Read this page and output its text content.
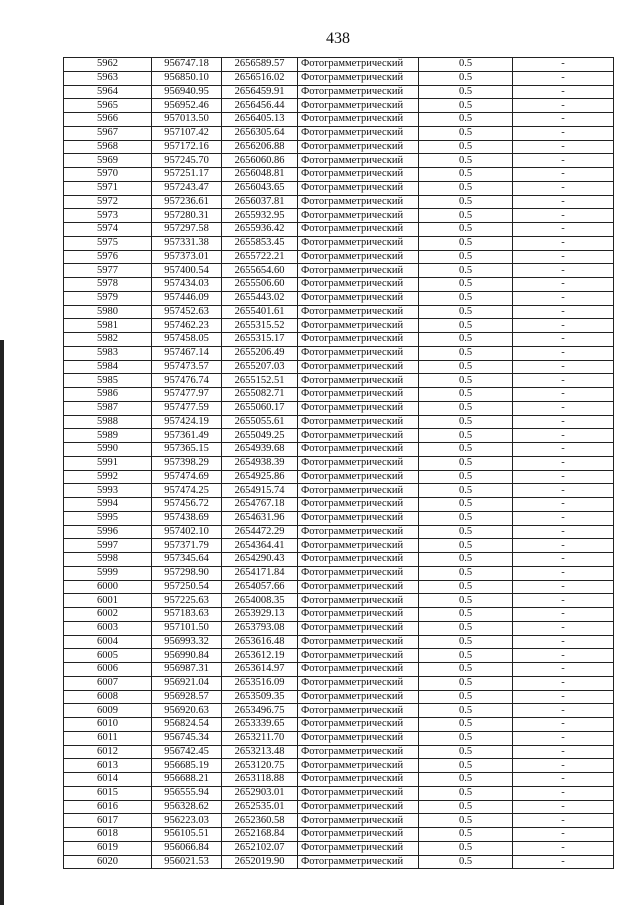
438
5962	956747.18	2656589.57	Фотограмметрический	0.5	-
5963	956850.10	2656516.02	Фотограмметрический	0.5	-
5964	956940.95	2656459.91	Фотограмметрический	0.5	-
5965	956952.46	2656456.44	Фотограмметрический	0.5	-
5966	957013.50	2656405.13	Фотограмметрический	0.5	-
5967	957107.42	2656305.64	Фотограмметрический	0.5	-
5968	957172.16	2656206.88	Фотограмметрический	0.5	-
5969	957245.70	2656060.86	Фотограмметрический	0.5	-
5970	957251.17	2656048.81	Фотограмметрический	0.5	-
5971	957243.47	2656043.65	Фотограмметрический	0.5	-
5972	957236.61	2656037.81	Фотограмметрический	0.5	-
5973	957280.31	2655932.95	Фотограмметрический	0.5	-
5974	957297.58	2655936.42	Фотограмметрический	0.5	-
5975	957331.38	2655853.45	Фотограмметрический	0.5	-
5976	957373.01	2655722.21	Фотограмметрический	0.5	-
5977	957400.54	2655654.60	Фотограмметрический	0.5	-
5978	957434.03	2655506.60	Фотограмметрический	0.5	-
5979	957446.09	2655443.02	Фотограмметрический	0.5	-
5980	957452.63	2655401.61	Фотограмметрический	0.5	-
5981	957462.23	2655315.52	Фотограмметрический	0.5	-
5982	957458.05	2655315.17	Фотограмметрический	0.5	-
5983	957467.14	2655206.49	Фотограмметрический	0.5	-
5984	957473.57	2655207.03	Фотограмметрический	0.5	-
5985	957476.74	2655152.51	Фотограмметрический	0.5	-
5986	957477.97	2655082.71	Фотограмметрический	0.5	-
5987	957477.59	2655060.17	Фотограмметрический	0.5	-
5988	957424.19	2655055.61	Фотограмметрический	0.5	-
5989	957361.49	2655049.25	Фотограмметрический	0.5	-
5990	957365.15	2654939.68	Фотограмметрический	0.5	-
5991	957398.29	2654938.39	Фотограмметрический	0.5	-
5992	957474.69	2654925.86	Фотограмметрический	0.5	-
5993	957474.25	2654915.74	Фотограмметрический	0.5	-
5994	957456.72	2654767.18	Фотограмметрический	0.5	-
5995	957438.69	2654631.96	Фотограмметрический	0.5	-
5996	957402.10	2654472.29	Фотограмметрический	0.5	-
5997	957371.79	2654364.41	Фотограмметрический	0.5	-
5998	957345.64	2654290.43	Фотограмметрический	0.5	-
5999	957298.90	2654171.84	Фотограмметрический	0.5	-
6000	957250.54	2654057.66	Фотограмметрический	0.5	-
6001	957225.63	2654008.35	Фотограмметрический	0.5	-
6002	957183.63	2653929.13	Фотограмметрический	0.5	-
6003	957101.50	2653793.08	Фотограмметрический	0.5	-
6004	956993.32	2653616.48	Фотограмметрический	0.5	-
6005	956990.84	2653612.19	Фотограмметрический	0.5	-
6006	956987.31	2653614.97	Фотограмметрический	0.5	-
6007	956921.04	2653516.09	Фотограмметрический	0.5	-
6008	956928.57	2653509.35	Фотограмметрический	0.5	-
6009	956920.63	2653496.75	Фотограмметрический	0.5	-
6010	956824.54	2653339.65	Фотограмметрический	0.5	-
6011	956745.34	2653211.70	Фотограмметрический	0.5	-
6012	956742.45	2653213.48	Фотограмметрический	0.5	-
6013	956685.19	2653120.75	Фотограмметрический	0.5	-
6014	956688.21	2653118.88	Фотограмметрический	0.5	-
6015	956555.94	2652903.01	Фотограмметрический	0.5	-
6016	956328.62	2652535.01	Фотограмметрический	0.5	-
6017	956223.03	2652360.58	Фотограмметрический	0.5	-
6018	956105.51	2652168.84	Фотограмметрический	0.5	-
6019	956066.84	2652102.07	Фотограмметрический	0.5	-
6020	956021.53	2652019.90	Фотограмметрический	0.5	-
